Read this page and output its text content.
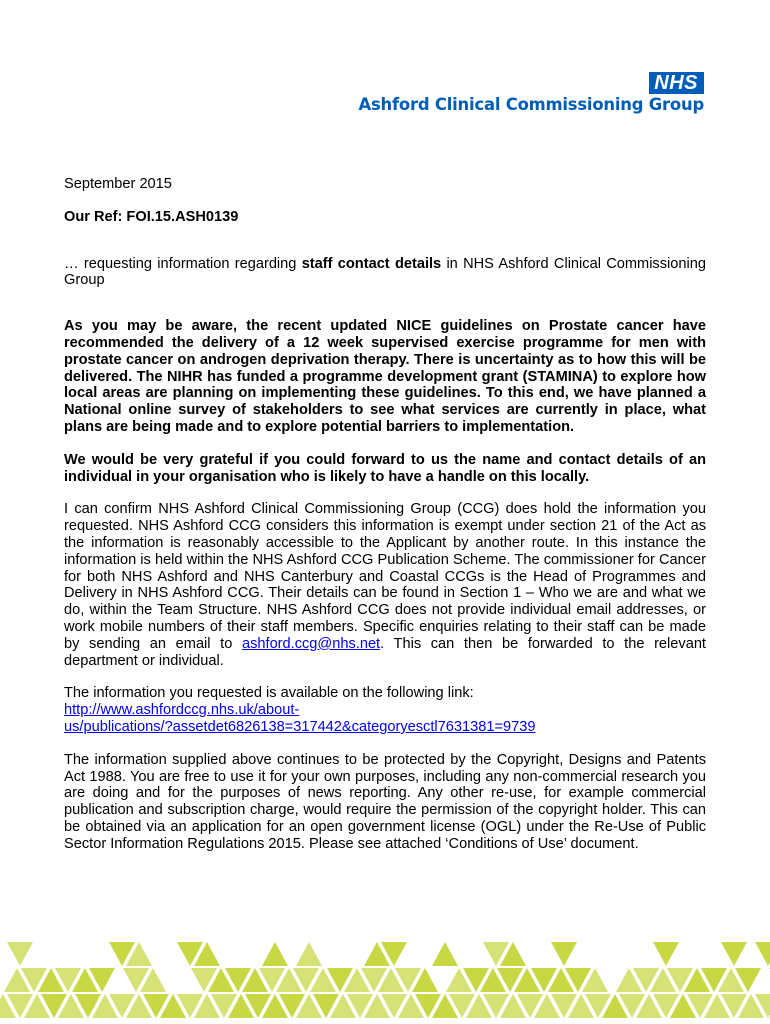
NHS
Ashford Clinical Commissioning Group

September 2015

Our Ref: FOI.15.ASH0139

… requesting information regarding staff contact details in NHS Ashford Clinical Commissioning Group

As you may be aware, the recent updated NICE guidelines on Prostate cancer have recommended the delivery of a 12 week supervised exercise programme for men with prostate cancer on androgen deprivation therapy. There is uncertainty as to how this will be delivered. The NIHR has funded a programme development grant (STAMINA) to explore how local areas are planning on implementing these guidelines. To this end, we have planned a National online survey of stakeholders to see what services are currently in place, what plans are being made and to explore potential barriers to implementation.

We would be very grateful if you could forward to us the name and contact details of an individual in your organisation who is likely to have a handle on this locally.

I can confirm NHS Ashford Clinical Commissioning Group (CCG) does hold the information you requested. NHS Ashford CCG considers this information is exempt under section 21 of the Act as the information is reasonably accessible to the Applicant by another route. In this instance the information is held within the NHS Ashford CCG Publication Scheme. The commissioner for Cancer for both NHS Ashford and NHS Canterbury and Coastal CCGs is the Head of Programmes and Delivery in NHS Ashford CCG. Their details can be found in Section 1 – Who we are and what we do, within the Team Structure. NHS Ashford CCG does not provide individual email addresses, or work mobile numbers of their staff members. Specific enquiries relating to their staff can be made by sending an email to ashford.ccg@nhs.net. This can then be forwarded to the relevant department or individual.

The information you requested is available on the following link:
http://www.ashfordccg.nhs.uk/about-
us/publications/?assetdet6826138=317442&categoryesctl7631381=9739

The information supplied above continues to be protected by the Copyright, Designs and Patents Act 1988. You are free to use it for your own purposes, including any non-commercial research you are doing and for the purposes of news reporting. Any other re-use, for example commercial publication and subscription charge, would require the permission of the copyright holder. This can be obtained via an application for an open government license (OGL) under the Re-Use of Public Sector Information Regulations 2015. Please see attached ‘Conditions of Use’ document.
